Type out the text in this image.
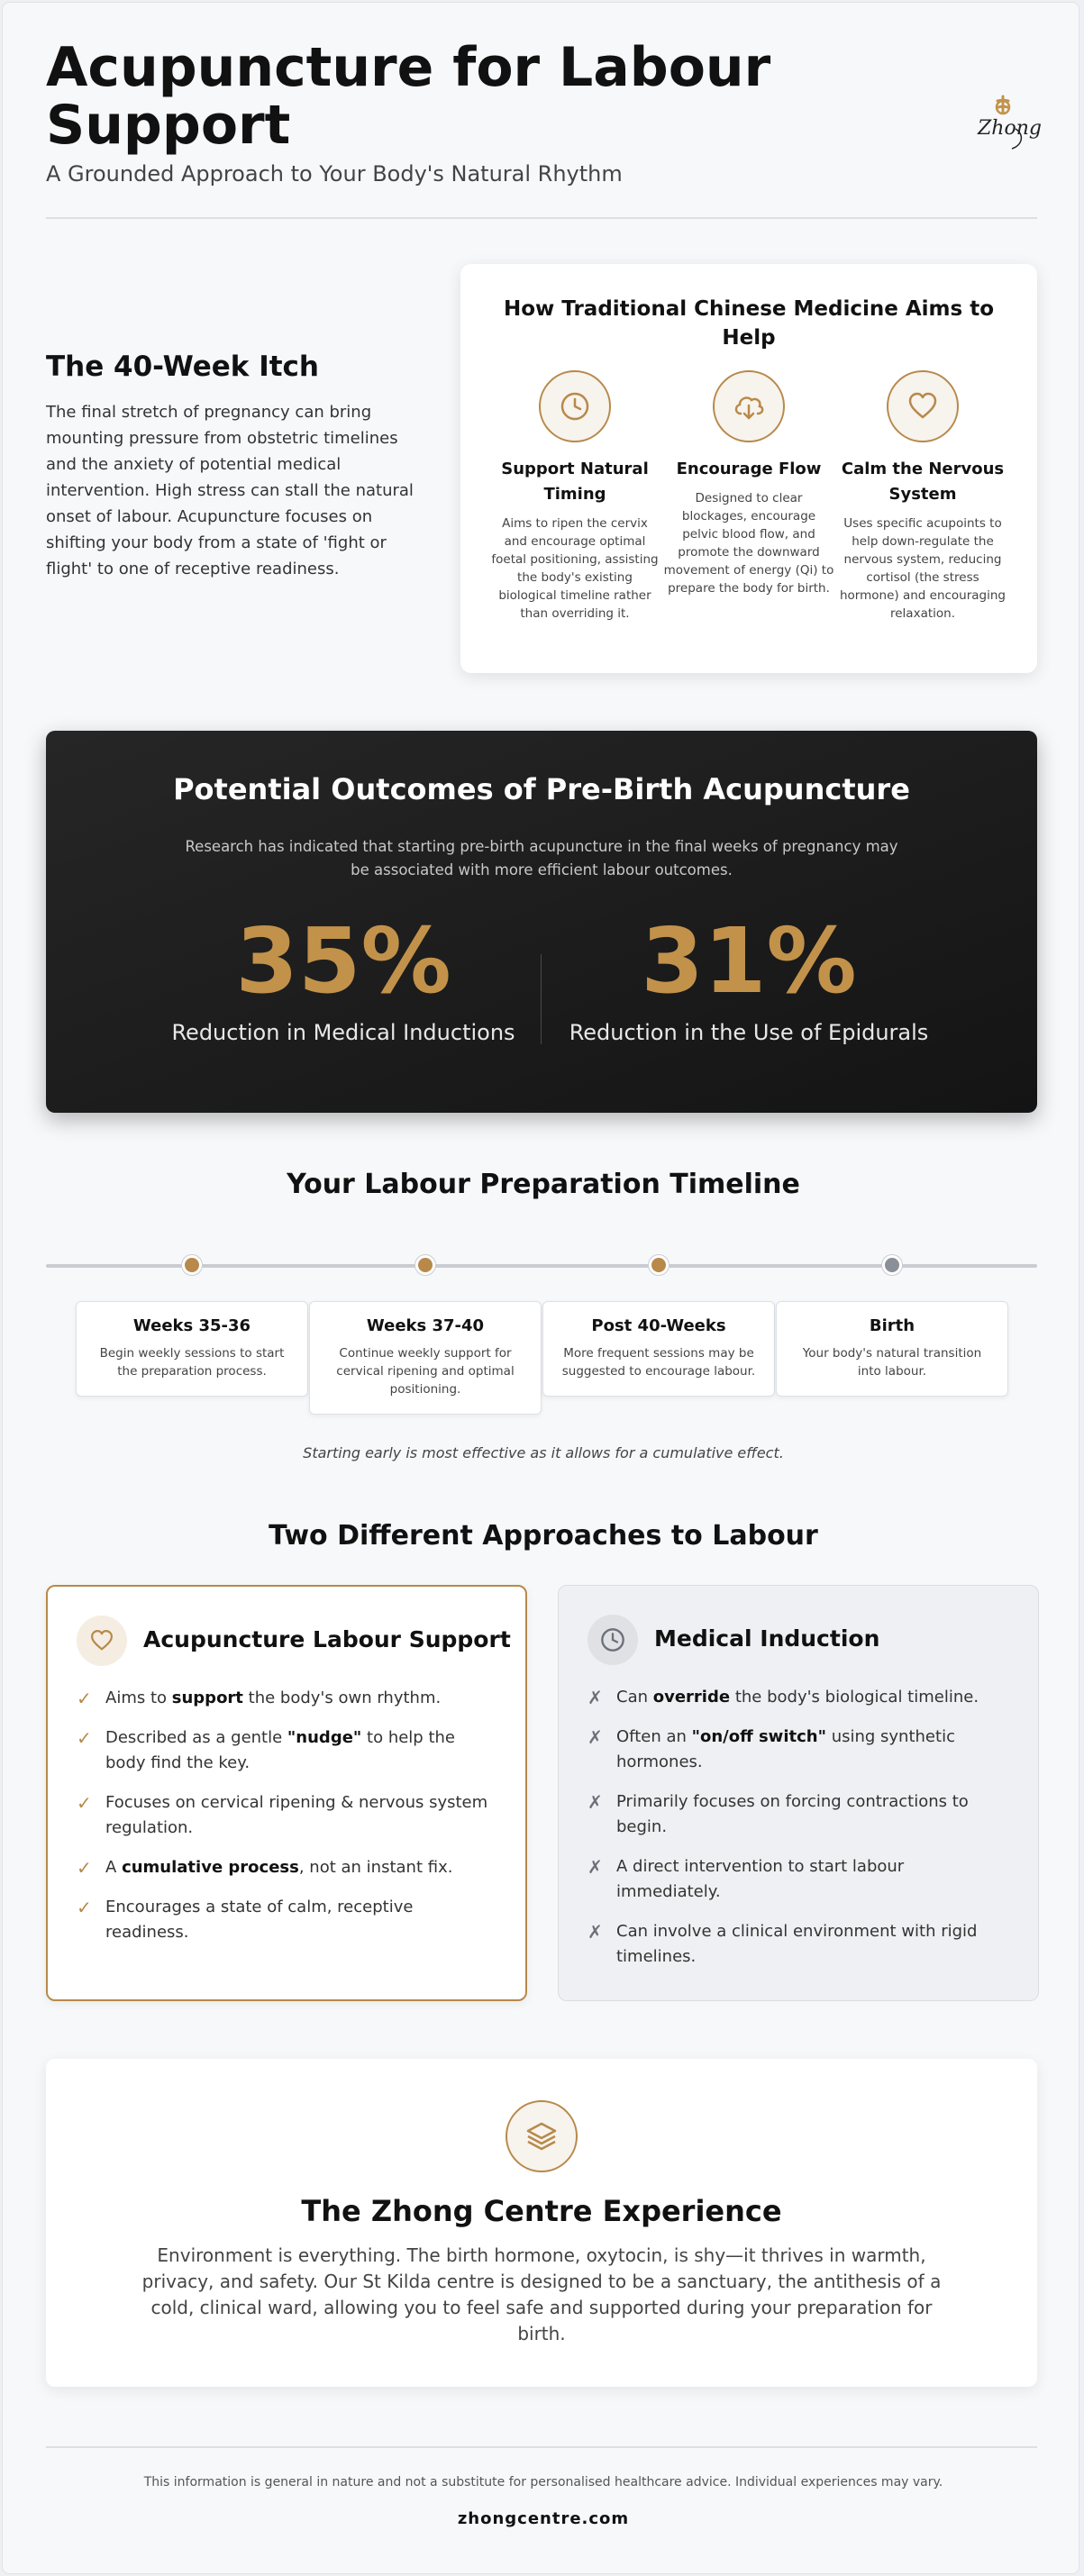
Acupuncture for Labour Support
A Grounded Approach to Your Body's Natural Rhythm
Zhong
The 40-Week Itch
The final stretch of pregnancy can bring mounting pressure from obstetric timelines and the anxiety of potential medical intervention. High stress can stall the natural onset of labour. Acupuncture focuses on shifting your body from a state of 'fight or flight' to one of receptive readiness.
How Traditional Chinese Medicine Aims to Help
Support Natural Timing
Aims to ripen the cervix and encourage optimal foetal positioning, assisting the body's existing biological timeline rather than overriding it.
Encourage Flow
Designed to clear blockages, encourage pelvic blood flow, and promote the downward movement of energy (Qi) to prepare the body for birth.
Calm the Nervous System
Uses specific acupoints to help down-regulate the nervous system, reducing cortisol (the stress hormone) and encouraging relaxation.
Potential Outcomes of Pre-Birth Acupuncture
Research has indicated that starting pre-birth acupuncture in the final weeks of pregnancy may be associated with more efficient labour outcomes.
35%
Reduction in Medical Inductions
31%
Reduction in the Use of Epidurals
Your Labour Preparation Timeline
Weeks 35-36
Begin weekly sessions to start the preparation process.
Weeks 37-40
Continue weekly support for cervical ripening and optimal positioning.
Post 40-Weeks
More frequent sessions may be suggested to encourage labour.
Birth
Your body's natural transition into labour.
Starting early is most effective as it allows for a cumulative effect.
Two Different Approaches to Labour
Acupuncture Labour Support
✓ Aims to support the body's own rhythm.
✓ Described as a gentle "nudge" to help the body find the key.
✓ Focuses on cervical ripening & nervous system regulation.
✓ A cumulative process, not an instant fix.
✓ Encourages a state of calm, receptive readiness.
Medical Induction
✗ Can override the body's biological timeline.
✗ Often an "on/off switch" using synthetic hormones.
✗ Primarily focuses on forcing contractions to begin.
✗ A direct intervention to start labour immediately.
✗ Can involve a clinical environment with rigid timelines.
The Zhong Centre Experience
Environment is everything. The birth hormone, oxytocin, is shy—it thrives in warmth, privacy, and safety. Our St Kilda centre is designed to be a sanctuary, the antithesis of a cold, clinical ward, allowing you to feel safe and supported during your preparation for birth.
This information is general in nature and not a substitute for personalised healthcare advice. Individual experiences may vary.
zhongcentre.com
